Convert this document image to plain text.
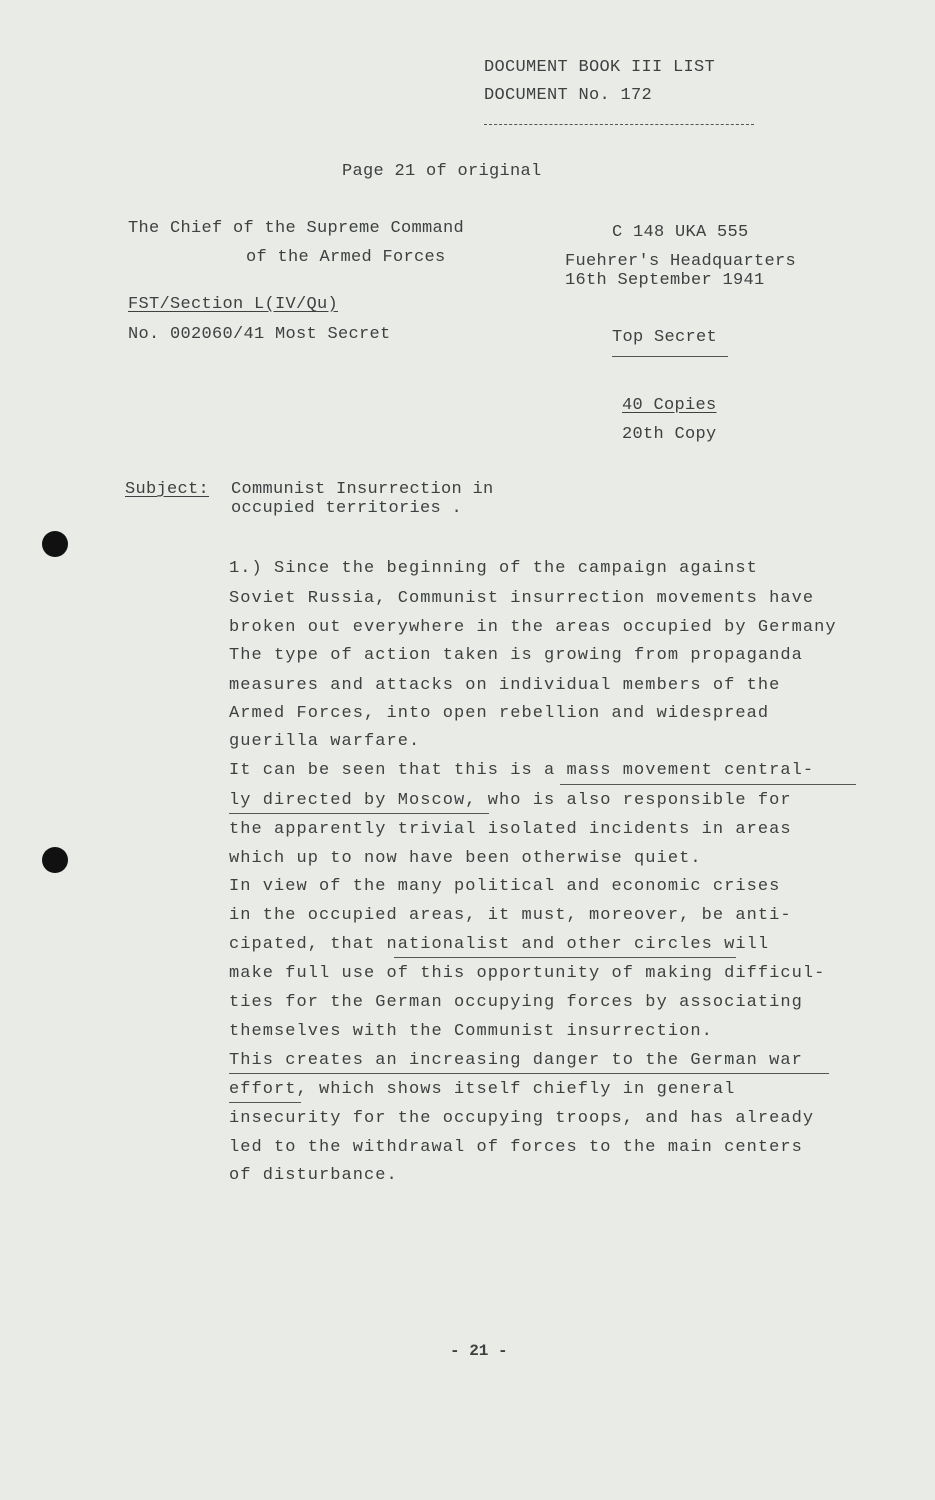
DOCUMENT BOOK III LIST
DOCUMENT No. 172
Page 21 of original
The Chief of the Supreme Command
of the Armed Forces
FST/Section L(IV/Qu)
No. 002060/41 Most Secret
C 148 UKA 555
Fuehrer's Headquarters
16th September 1941
Top Secret
40 Copies
20th Copy
Subject: Communist Insurrection in
occupied territories .
1.) Since the beginning of the campaign against
Soviet Russia, Communist insurrection movements have
broken out everywhere in the areas occupied by Germany
The type of action taken is growing from propaganda
measures and attacks on individual members of the
Armed Forces, into open rebellion and widespread
guerilla warfare.
It can be seen that this is a mass movement central-
ly directed by Moscow, who is also responsible for
the apparently trivial isolated incidents in areas
which up to now have been otherwise quiet.
In view of the many political and economic crises
in the occupied areas, it must, moreover, be anti-
cipated, that nationalist and other circles will
make full use of this opportunity of making difficul-
ties for the German occupying forces by associating
themselves with the Communist insurrection.
This creates an increasing danger to the German war
effort, which shows itself chiefly in general
insecurity for the occupying troops, and has already
led to the withdrawal of forces to the main centers
of disturbance.
- 21 -
